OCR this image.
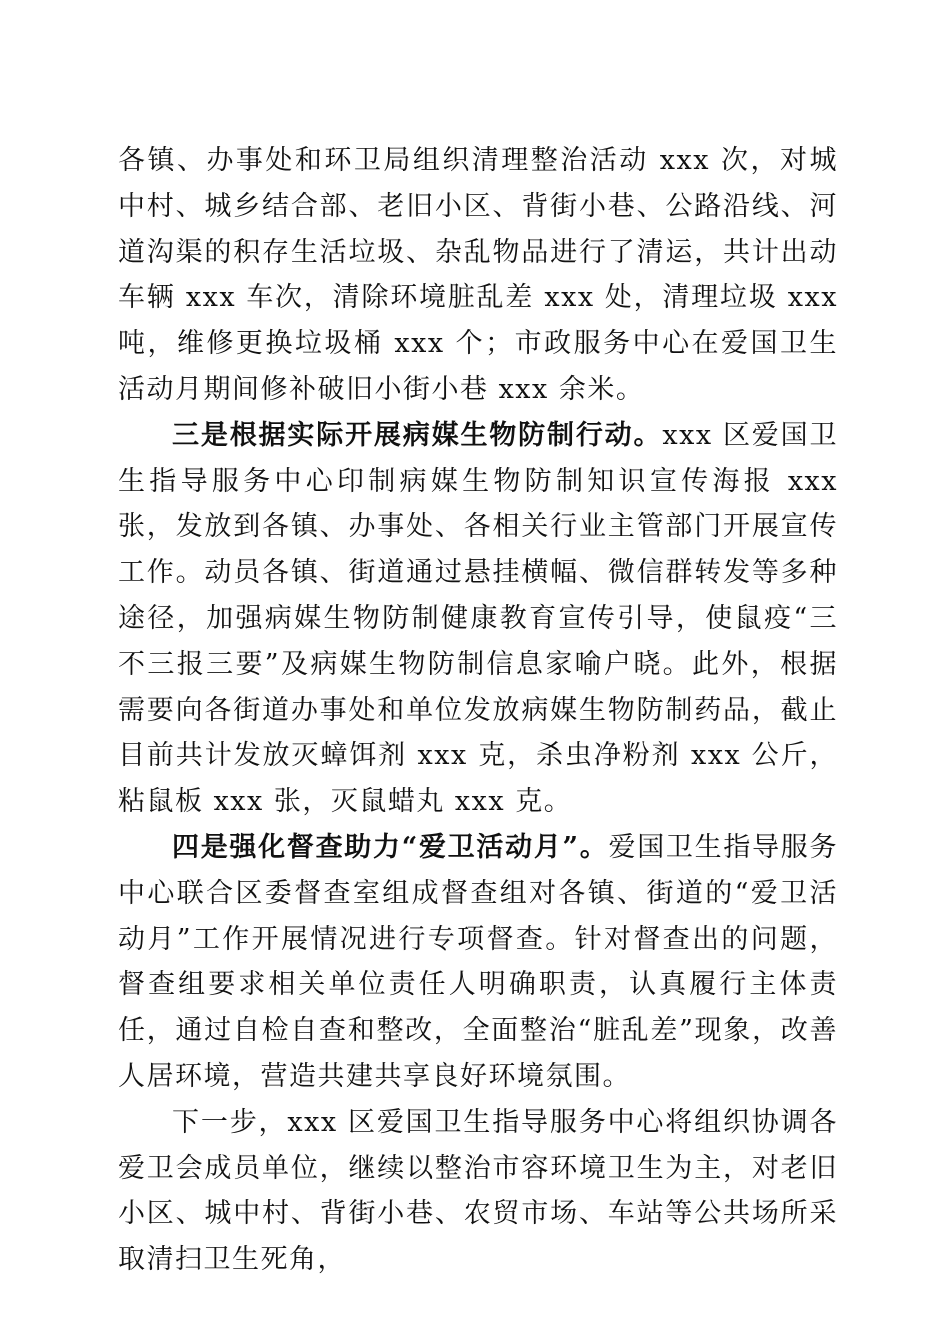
各镇、办事处和环卫局组织清理整治活动 xxx 次，对城中村、城乡结合部、老旧小区、背街小巷、公路沿线、河道沟渠的积存生活垃圾、杂乱物品进行了清运，共计出动车辆 xxx 车次，清除环境脏乱差 xxx 处，清理垃圾 xxx 吨，维修更换垃圾桶 xxx 个；市政服务中心在爱国卫生活动月期间修补破旧小街小巷 xxx 余米。

三是根据实际开展病媒生物防制行动。xxx 区爱国卫生指导服务中心印制病媒生物防制知识宣传海报 xxx 张，发放到各镇、办事处、各相关行业主管部门开展宣传工作。动员各镇、街道通过悬挂横幅、微信群转发等多种途径，加强病媒生物防制健康教育宣传引导，使鼠疫“三不三报三要”及病媒生物防制信息家喻户晓。此外，根据需要向各街道办事处和单位发放病媒生物防制药品，截止目前共计发放灭蟑饵剂 xxx 克，杀虫净粉剂 xxx 公斤，粘鼠板 xxx 张，灭鼠蜡丸 xxx 克。

四是强化督查助力“爱卫活动月”。爱国卫生指导服务中心联合区委督查室组成督查组对各镇、街道的“爱卫活动月”工作开展情况进行专项督查。针对督查出的问题，督查组要求相关单位责任人明确职责，认真履行主体责任，通过自检自查和整改，全面整治“脏乱差”现象，改善人居环境，营造共建共享良好环境氛围。

下一步，xxx 区爱国卫生指导服务中心将组织协调各爱卫会成员单位，继续以整治市容环境卫生为主，对老旧小区、城中村、背街小巷、农贸市场、车站等公共场所采取清扫卫生死角，
